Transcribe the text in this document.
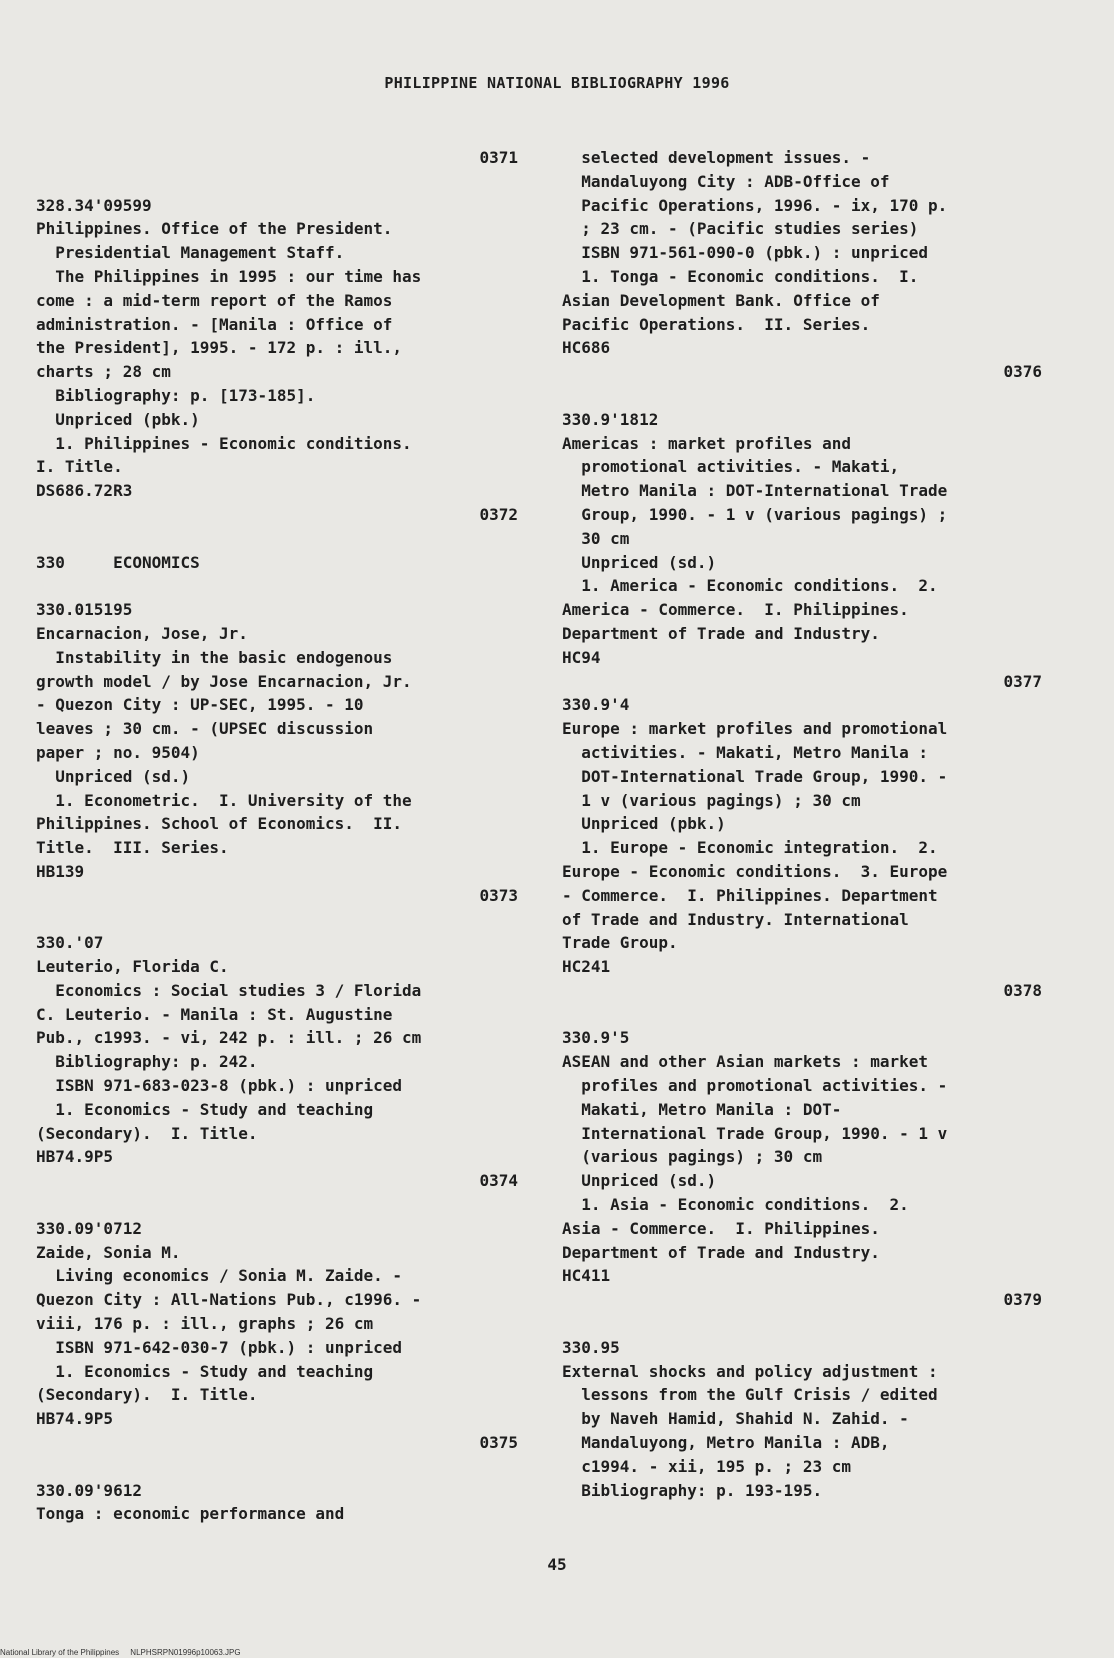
PHILIPPINE NATIONAL BIBLIOGRAPHY 1996
0371
328.34'09599
Philippines. Office of the President.
Presidential Management Staff.
The Philippines in 1995 : our time has
come : a mid-term report of the Ramos
administration. - [Manila : Office of
the President], 1995. - 172 p. : ill.,
charts ; 28 cm
Bibliography: p. [173-185].
Unpriced (pbk.)
1. Philippines - Economic conditions.
I. Title.
DS686.72R3
0372
330     ECONOMICS
330.015195
Encarnacion, Jose, Jr.
Instability in the basic endogenous
growth model / by Jose Encarnacion, Jr.
- Quezon City : UP-SEC, 1995. - 10
leaves ; 30 cm. - (UPSEC discussion
paper ; no. 9504)
Unpriced (sd.)
1. Econometric.  I. University of the
Philippines. School of Economics.  II.
Title.  III. Series.
HB139
0373
330.'07
Leuterio, Florida C.
Economics : Social studies 3 / Florida
C. Leuterio. - Manila : St. Augustine
Pub., c1993. - vi, 242 p. : ill. ; 26 cm
Bibliography: p. 242.
ISBN 971-683-023-8 (pbk.) : unpriced
1. Economics - Study and teaching
(Secondary).  I. Title.
HB74.9P5
0374
330.09'0712
Zaide, Sonia M.
Living economics / Sonia M. Zaide. -
Quezon City : All-Nations Pub., c1996. -
viii, 176 p. : ill., graphs ; 26 cm
ISBN 971-642-030-7 (pbk.) : unpriced
1. Economics - Study and teaching
(Secondary).  I. Title.
HB74.9P5
0375
330.09'9612
Tonga : economic performance and
selected development issues. -
Mandaluyong City : ADB-Office of
Pacific Operations, 1996. - ix, 170 p.
; 23 cm. - (Pacific studies series)
ISBN 971-561-090-0 (pbk.) : unpriced
1. Tonga - Economic conditions.  I.
Asian Development Bank. Office of
Pacific Operations.  II. Series.
HC686
0376
330.9'1812
Americas : market profiles and
promotional activities. - Makati,
Metro Manila : DOT-International Trade
Group, 1990. - 1 v (various pagings) ;
30 cm
Unpriced (sd.)
1. America - Economic conditions.  2.
America - Commerce.  I. Philippines.
Department of Trade and Industry.
HC94
0377
330.9'4
Europe : market profiles and promotional
activities. - Makati, Metro Manila :
DOT-International Trade Group, 1990. -
1 v (various pagings) ; 30 cm
Unpriced (pbk.)
1. Europe - Economic integration.  2.
Europe - Economic conditions.  3. Europe
- Commerce.  I. Philippines. Department
of Trade and Industry. International
Trade Group.
HC241
0378
330.9'5
ASEAN and other Asian markets : market
profiles and promotional activities. -
Makati, Metro Manila : DOT-
International Trade Group, 1990. - 1 v
(various pagings) ; 30 cm
Unpriced (sd.)
1. Asia - Economic conditions.  2.
Asia - Commerce.  I. Philippines.
Department of Trade and Industry.
HC411
0379
330.95
External shocks and policy adjustment :
lessons from the Gulf Crisis / edited
by Naveh Hamid, Shahid N. Zahid. -
Mandaluyong, Metro Manila : ADB,
c1994. - xii, 195 p. ; 23 cm
Bibliography: p. 193-195.
45
National Library of the Philippines     NLPHSRPN01996p10063.JPG
